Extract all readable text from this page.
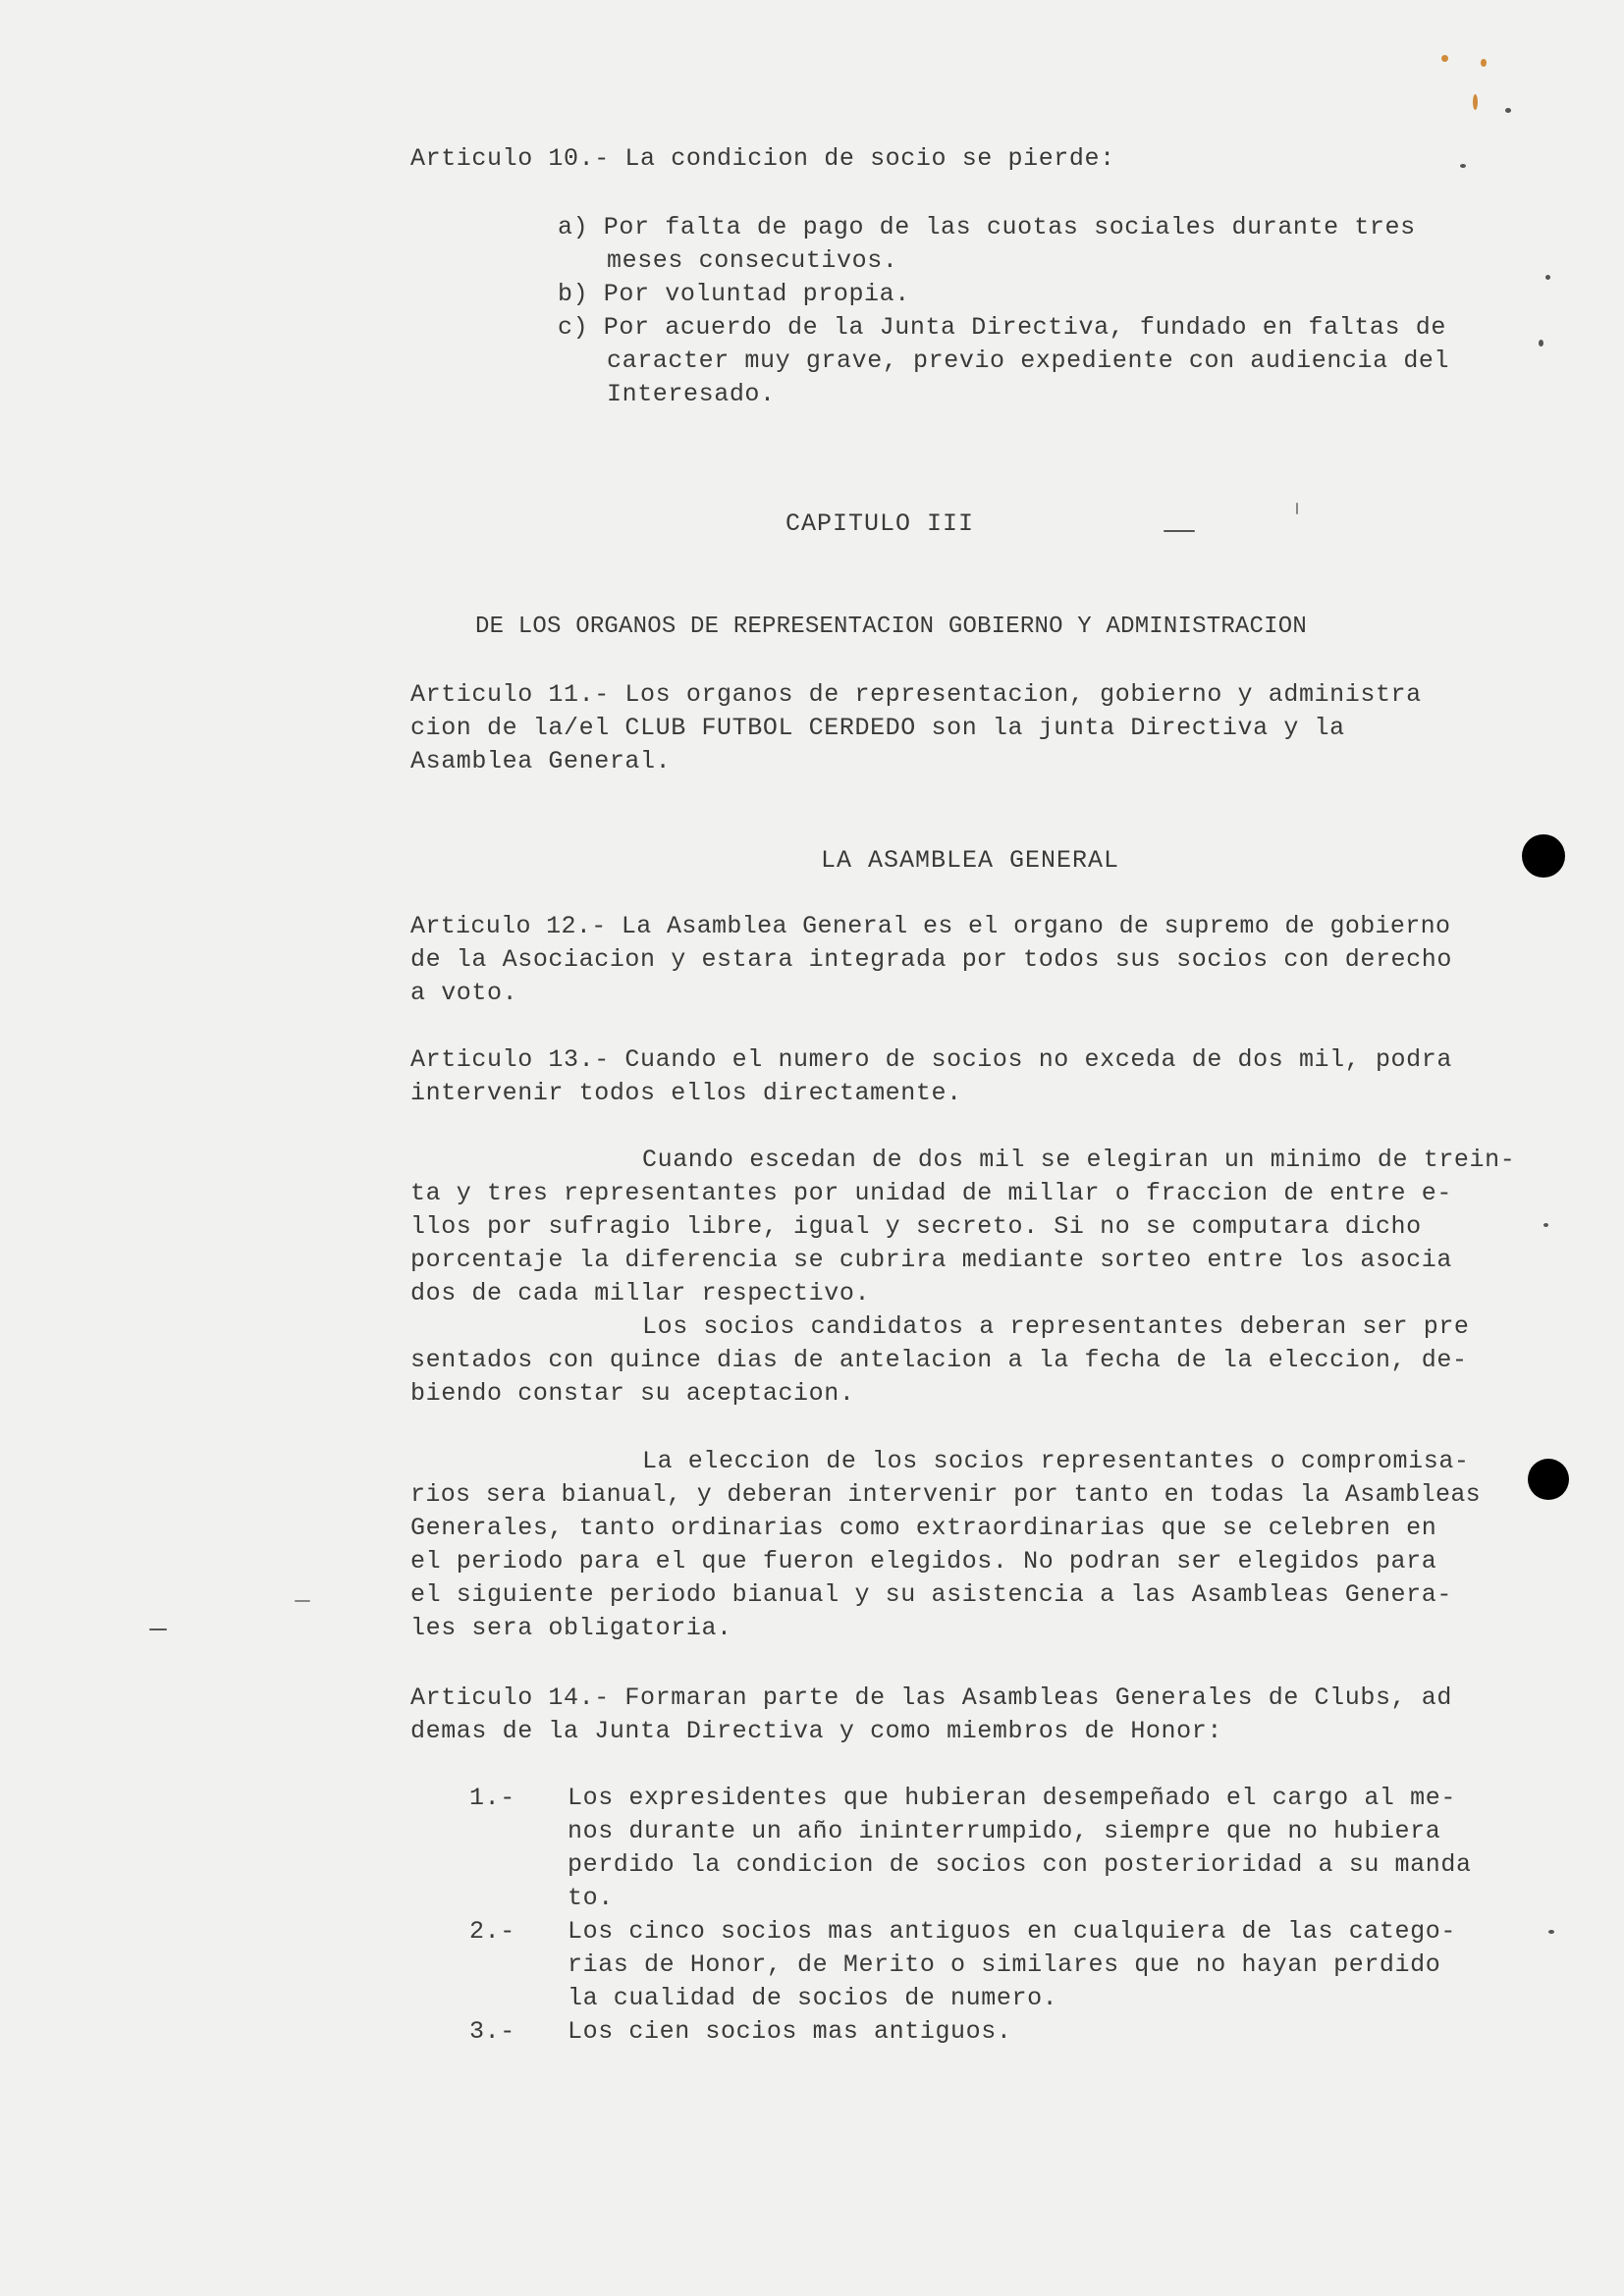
Articulo 10.- La condicion de socio se pierde:
a) Por falta de pago de las cuotas sociales durante tres
meses consecutivos.
b) Por voluntad propia.
c) Por acuerdo de la Junta Directiva, fundado en faltas de
caracter muy grave, previo expediente con audiencia del
Interesado.
CAPITULO III
DE LOS ORGANOS DE REPRESENTACION GOBIERNO Y ADMINISTRACION
Articulo 11.- Los organos de representacion, gobierno y administra
cion de la/el CLUB FUTBOL CERDEDO son la junta Directiva y la
Asamblea General.
LA ASAMBLEA GENERAL
Articulo 12.- La Asamblea General es el organo de supremo de gobierno
de la Asociacion y estara integrada por todos sus socios con derecho
a voto.
Articulo 13.- Cuando el numero de socios no exceda de dos mil, podra
intervenir todos ellos directamente.
Cuando escedan de dos mil se elegiran un minimo de trein-
ta y tres representantes por unidad de millar o fraccion de entre e-
llos por sufragio libre, igual y secreto. Si no se computara dicho
porcentaje la diferencia se cubrira mediante sorteo entre los asocia
dos de cada millar respectivo.
Los socios candidatos a representantes deberan ser pre
sentados con quince dias de antelacion a la fecha de la eleccion, de-
biendo constar su aceptacion.
La eleccion de los socios representantes o compromisa-
rios sera bianual, y deberan intervenir por tanto en todas la Asambleas
Generales, tanto ordinarias como extraordinarias que se celebren en
el periodo para el que fueron elegidos. No podran ser elegidos para
el siguiente periodo bianual y su asistencia a las Asambleas Genera-
les sera obligatoria.
Articulo 14.- Formaran parte de las Asambleas Generales de Clubs, ad
demas de la Junta Directiva y como miembros de Honor:
1.- Los expresidentes que hubieran desempeñado el cargo al me-
nos durante un año ininterrumpido, siempre que no hubiera
perdido la condicion de socios con posterioridad a su manda
to.
2.- Los cinco socios mas antiguos en cualquiera de las catego-
rias de Honor, de Merito o similares que no hayan perdido
la cualidad de socios de numero.
3.- Los cien socios mas antiguos.
